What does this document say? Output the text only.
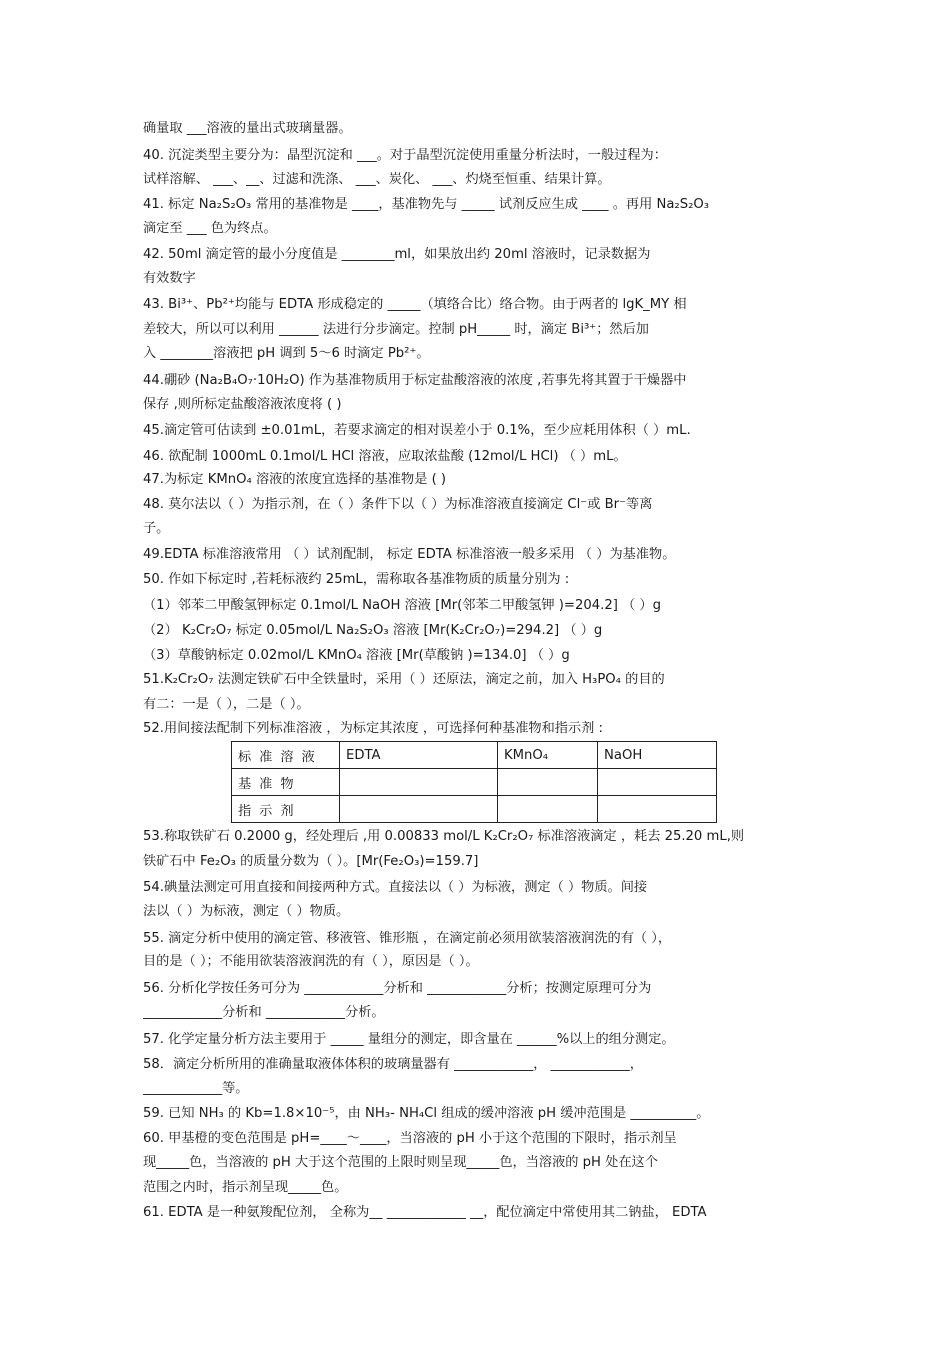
确量取 ___溶液的量出式玻璃量器。
40. 沉淀类型主要分为：晶型沉淀和 ___。对于晶型沉淀使用重量分析法时，一般过程为：
试样溶解、 ___、__、过滤和洗涤、 ___、炭化、 ___、灼烧至恒重、结果计算。
41. 标定 Na₂S₂O₃ 常用的基准物是 ____，基准物先与 _____ 试剂反应生成 ____ 。再用 Na₂S₂O₃
滴定至 ___ 色为终点。
42. 50ml 滴定管的最小分度值是 ________ml，如果放出约 20ml 溶液时，记录数据为
有效数字
43. Bi³⁺、Pb²⁺均能与 EDTA 形成稳定的 _____（填络合比）络合物。由于两者的 lgK_MY 相
差较大，所以可以利用 ______ 法进行分步滴定。控制 pH_____ 时，滴定 Bi³⁺；然后加
入 ________溶液把 pH 调到 5～6 时滴定 Pb²⁺。
44.硼砂 (Na₂B₄O₇·10H₂O) 作为基准物质用于标定盐酸溶液的浓度 ,若事先将其置于干燥器中
保存 ,则所标定盐酸溶液浓度将 ( )
45.滴定管可估读到 ±0.01mL，若要求滴定的相对误差小于 0.1%，至少应耗用体积（ ）mL.
46. 欲配制 1000mL 0.1mol/L HCl 溶液，应取浓盐酸 (12mol/L HCl) （ ）mL。
47.为标定 KMnO₄ 溶液的浓度宜选择的基准物是 ( )
48. 莫尔法以（ ）为指示剂，在（ ）条件下以（ ）为标准溶液直接滴定 Cl⁻或 Br⁻等离
子。
49.EDTA 标准溶液常用 （ ）试剂配制， 标定 EDTA 标准溶液一般多采用 （ ）为基准物。
50. 作如下标定时 ,若耗标液约 25mL，需称取各基准物质的质量分别为 :
（1）邻苯二甲酸氢钾标定 0.1mol/L NaOH 溶液 [Mr(邻苯二甲酸氢钾 )=204.2] （ ）g
（2） K₂Cr₂O₇ 标定 0.05mol/L Na₂S₂O₃ 溶液 [Mr(K₂Cr₂O₇)=294.2] （ ）g
（3）草酸钠标定 0.02mol/L KMnO₄ 溶液 [Mr(草酸钠 )=134.0] （ ）g
51.K₂Cr₂O₇ 法测定铁矿石中全铁量时，采用（ ）还原法，滴定之前，加入 H₃PO₄ 的目的
有二：一是（ ），二是（ ）。
52.用间接法配制下列标准溶液 ，为标定其浓度 ，可选择何种基准物和指示剂 :
标准溶液	EDTA	KMnO₄	NaOH
基准物			
指示剂			
53.称取铁矿石 0.2000 g，经处理后 ,用 0.00833 mol/L K₂Cr₂O₇ 标准溶液滴定 ，耗去 25.20 mL,则
铁矿石中 Fe₂O₃ 的质量分数为（ ）。[Mr(Fe₂O₃)=159.7]
54.碘量法测定可用直接和间接两种方式。直接法以（ ）为标液，测定（ ）物质。间接
法以（ ）为标液，测定（ ）物质。
55. 滴定分析中使用的滴定管、移液管、锥形瓶 ，在滴定前必须用欲装溶液润洗的有（ ），
目的是（ ）；不能用欲装溶液润洗的有（ ），原因是（ ）。
56. 分析化学按任务可分为 ____________分析和 ____________分析；按测定原理可分为
____________分析和 ____________分析。
57. 化学定量分析方法主要用于 _____ 量组分的测定，即含量在 ______%以上的组分测定。
58．滴定分析所用的准确量取液体体积的玻璃量器有 ____________， ____________，
____________等。
59. 已知 NH₃ 的 Kb=1.8×10⁻⁵，由 NH₃- NH₄Cl 组成的缓冲溶液 pH 缓冲范围是 __________。
60. 甲基橙的变色范围是 pH=____～____，当溶液的 pH 小于这个范围的下限时，指示剂呈
现_____色，当溶液的 pH 大于这个范围的上限时则呈现_____色，当溶液的 pH 处在这个
范围之内时，指示剂呈现_____色。
61. EDTA 是一种氨羧配位剂， 全称为__ ____________ __，配位滴定中常使用其二钠盐， EDTA
